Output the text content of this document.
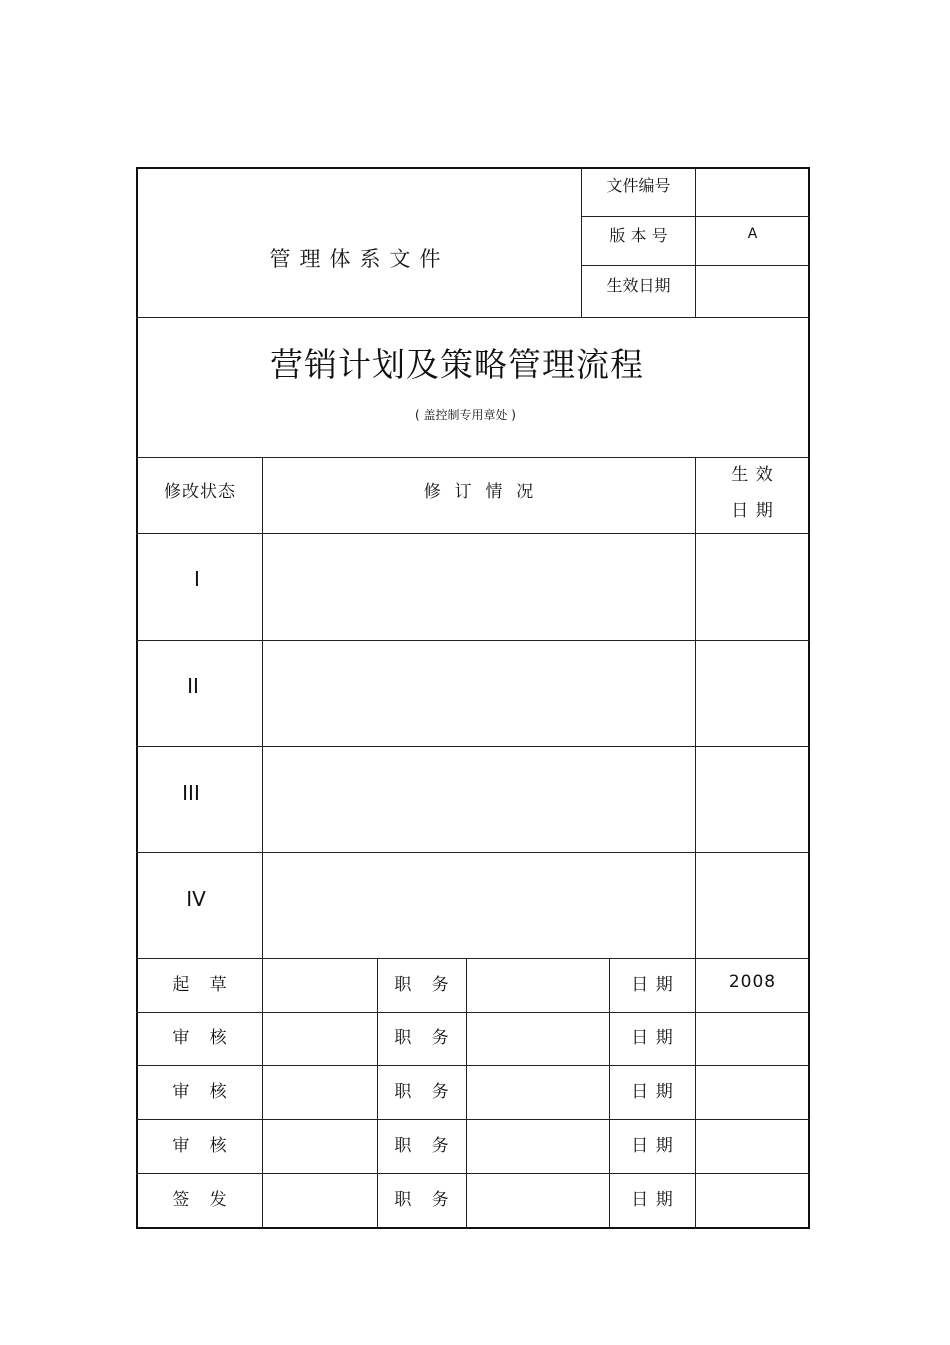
管理体系文件
文件编号
版 本 号	A
生效日期
营销计划及策略管理流程
( 盖控制专用章处 )
修改状态	修  订  情  况
生 效
日 期
I
II
III
IV
起   草	职   务	日 期	2008
审   核	职   务	日 期
审   核	职   务	日 期
审   核	职   务	日 期
签   发	职   务	日 期
